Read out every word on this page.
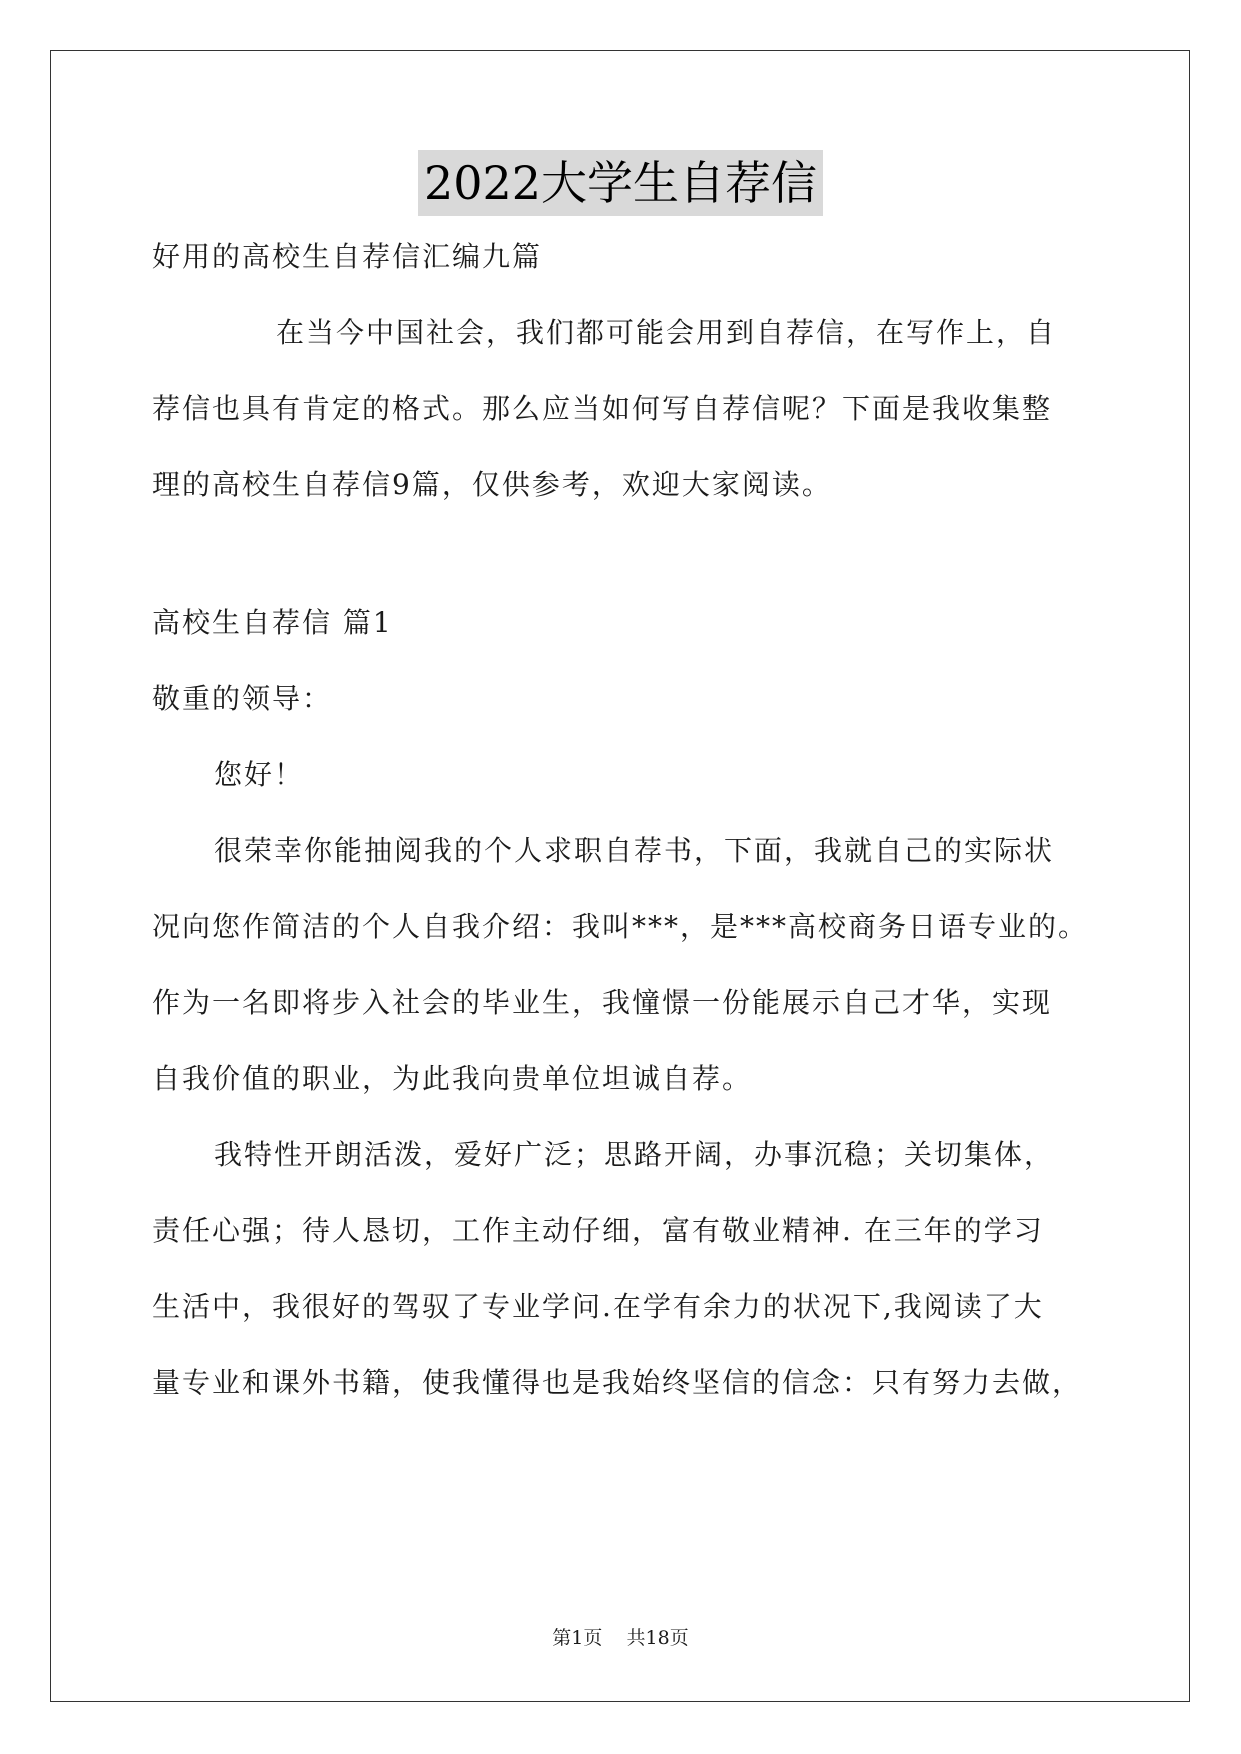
2022大学生自荐信
好用的高校生自荐信汇编九篇
在当今中国社会，我们都可能会用到自荐信，在写作上，自
荐信也具有肯定的格式。那么应当如何写自荐信呢？下面是我收集整
理的高校生自荐信9篇，仅供参考，欢迎大家阅读。
高校生自荐信 篇1
敬重的领导：
您好！
很荣幸你能抽阅我的个人求职自荐书，下面，我就自己的实际状
况向您作简洁的个人自我介绍：我叫***，是***高校商务日语专业的。
作为一名即将步入社会的毕业生，我憧憬一份能展示自己才华，实现
自我价值的职业，为此我向贵单位坦诚自荐。
我特性开朗活泼，爱好广泛；思路开阔，办事沉稳；关切集体，
责任心强；待人恳切，工作主动仔细，富有敬业精神. 在三年的学习
生活中，我很好的驾驭了专业学问.在学有余力的状况下,我阅读了大
量专业和课外书籍，使我懂得也是我始终坚信的信念：只有努力去做，
第1页    共18页
